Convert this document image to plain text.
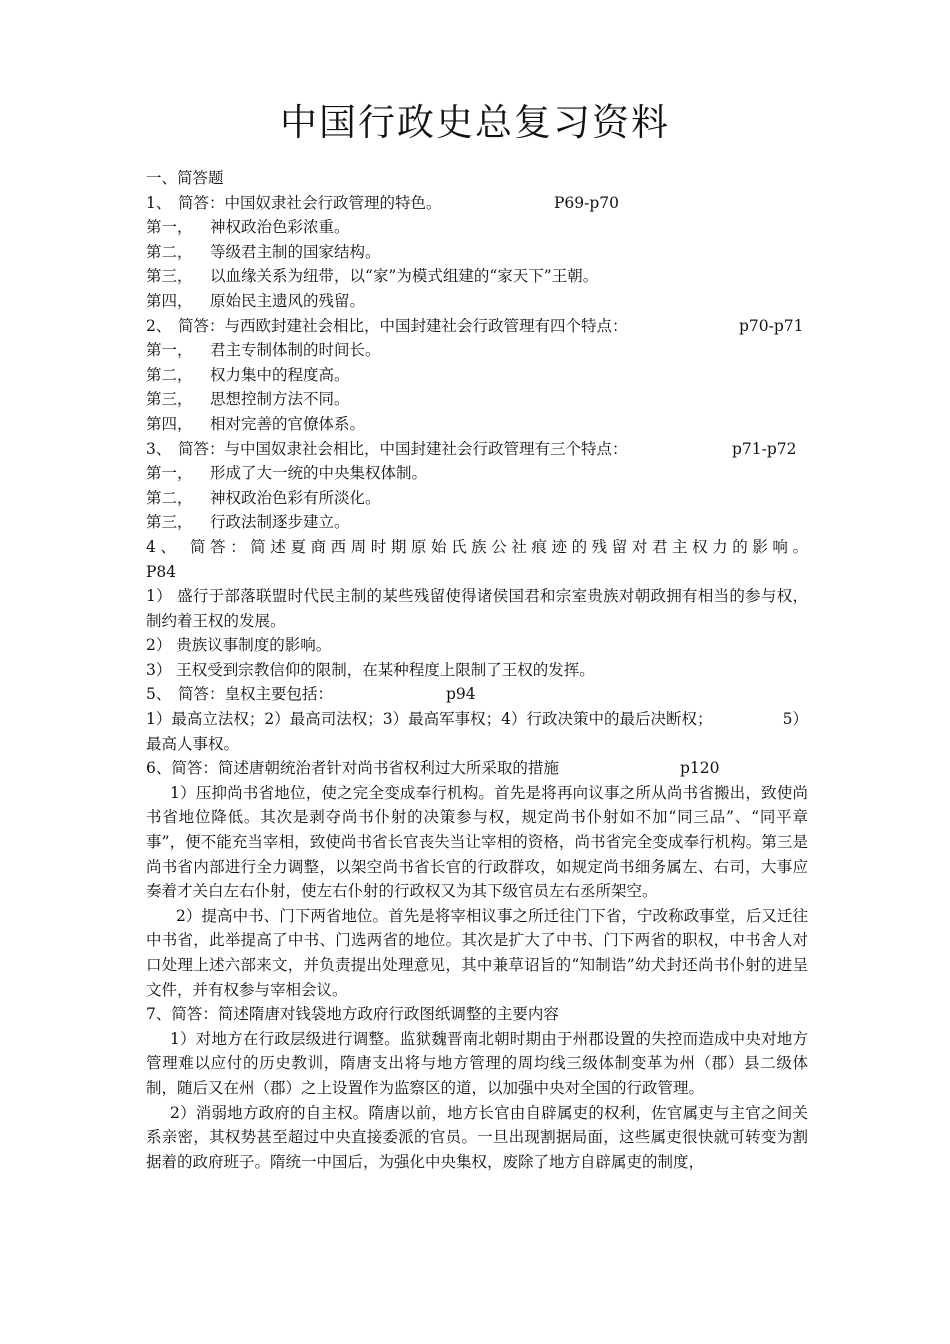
中国行政史总复习资料
一、简答题
1、 简答：中国奴隶社会行政管理的特色。	P69-p70
第一， 神权政治色彩浓重。
第二， 等级君主制的国家结构。
第三， 以血缘关系为纽带，以“家”为模式组建的“家天下”王朝。
第四， 原始民主遗风的残留。
2、 简答：与西欧封建社会相比，中国封建社会行政管理有四个特点：	p70-p71
第一， 君主专制体制的时间长。
第二， 权力集中的程度高。
第三， 思想控制方法不同。
第四， 相对完善的官僚体系。
3、 简答：与中国奴隶社会相比，中国封建社会行政管理有三个特点：	p71-p72
第一， 形成了大一统的中央集权体制。
第二， 神权政治色彩有所淡化。
第三， 行政法制逐步建立。
4、 简答：简述夏商西周时期原始氏族公社痕迹的残留对君主权力的影响。
P84
1） 盛行于部落联盟时代民主制的某些残留使得诸侯国君和宗室贵族对朝政拥有相当的参与权，制约着王权的发展。
2） 贵族议事制度的影响。
3） 王权受到宗教信仰的限制，在某种程度上限制了王权的发挥。
5、 简答：皇权主要包括：	p94
1）最高立法权；2）最高司法权；3）最高军事权；4）行政决策中的最后决断权；	5）
最高人事权。
6、简答：简述唐朝统治者针对尚书省权利过大所采取的措施	p120
1）压抑尚书省地位，使之完全变成奉行机构。首先是将再向议事之所从尚书省搬出，致使尚书省地位降低。其次是剥夺尚书仆射的决策参与权，规定尚书仆射如不加“同三品”、“同平章事”，便不能充当宰相，致使尚书省长官丧失当让宰相的资格，尚书省完全变成奉行机构。第三是尚书省内部进行全力调整，以架空尚书省长官的行政群攻，如规定尚书细务属左、右司，大事应奏着才关白左右仆射，使左右仆射的行政权又为其下级官员左右丞所架空。
2）提高中书、门下两省地位。首先是将宰相议事之所迁往门下省，宁改称政事堂，后又迁往中书省，此举提高了中书、门选两省的地位。其次是扩大了中书、门下两省的职权，中书舍人对口处理上述六部来文，并负责提出处理意见，其中兼草诏旨的“知制诰”幼犬封还尚书仆射的进呈文件，并有权参与宰相会议。
7、简答：简述隋唐对钱袋地方政府行政图纸调整的主要内容
1）对地方在行政层级进行调整。监狱魏晋南北朝时期由于州郡设置的失控而造成中央对地方管理难以应付的历史教训，隋唐支出将与地方管理的周均线三级体制变革为州（郡）县二级体制，随后又在州（郡）之上设置作为监察区的道，以加强中央对全国的行政管理。
2）消弱地方政府的自主权。隋唐以前，地方长官由自辟属吏的权利，佐官属吏与主官之间关系亲密，其权势甚至超过中央直接委派的官员。一旦出现割据局面，这些属吏很快就可转变为割据着的政府班子。隋统一中国后，为强化中央集权，废除了地方自辟属吏的制度，
